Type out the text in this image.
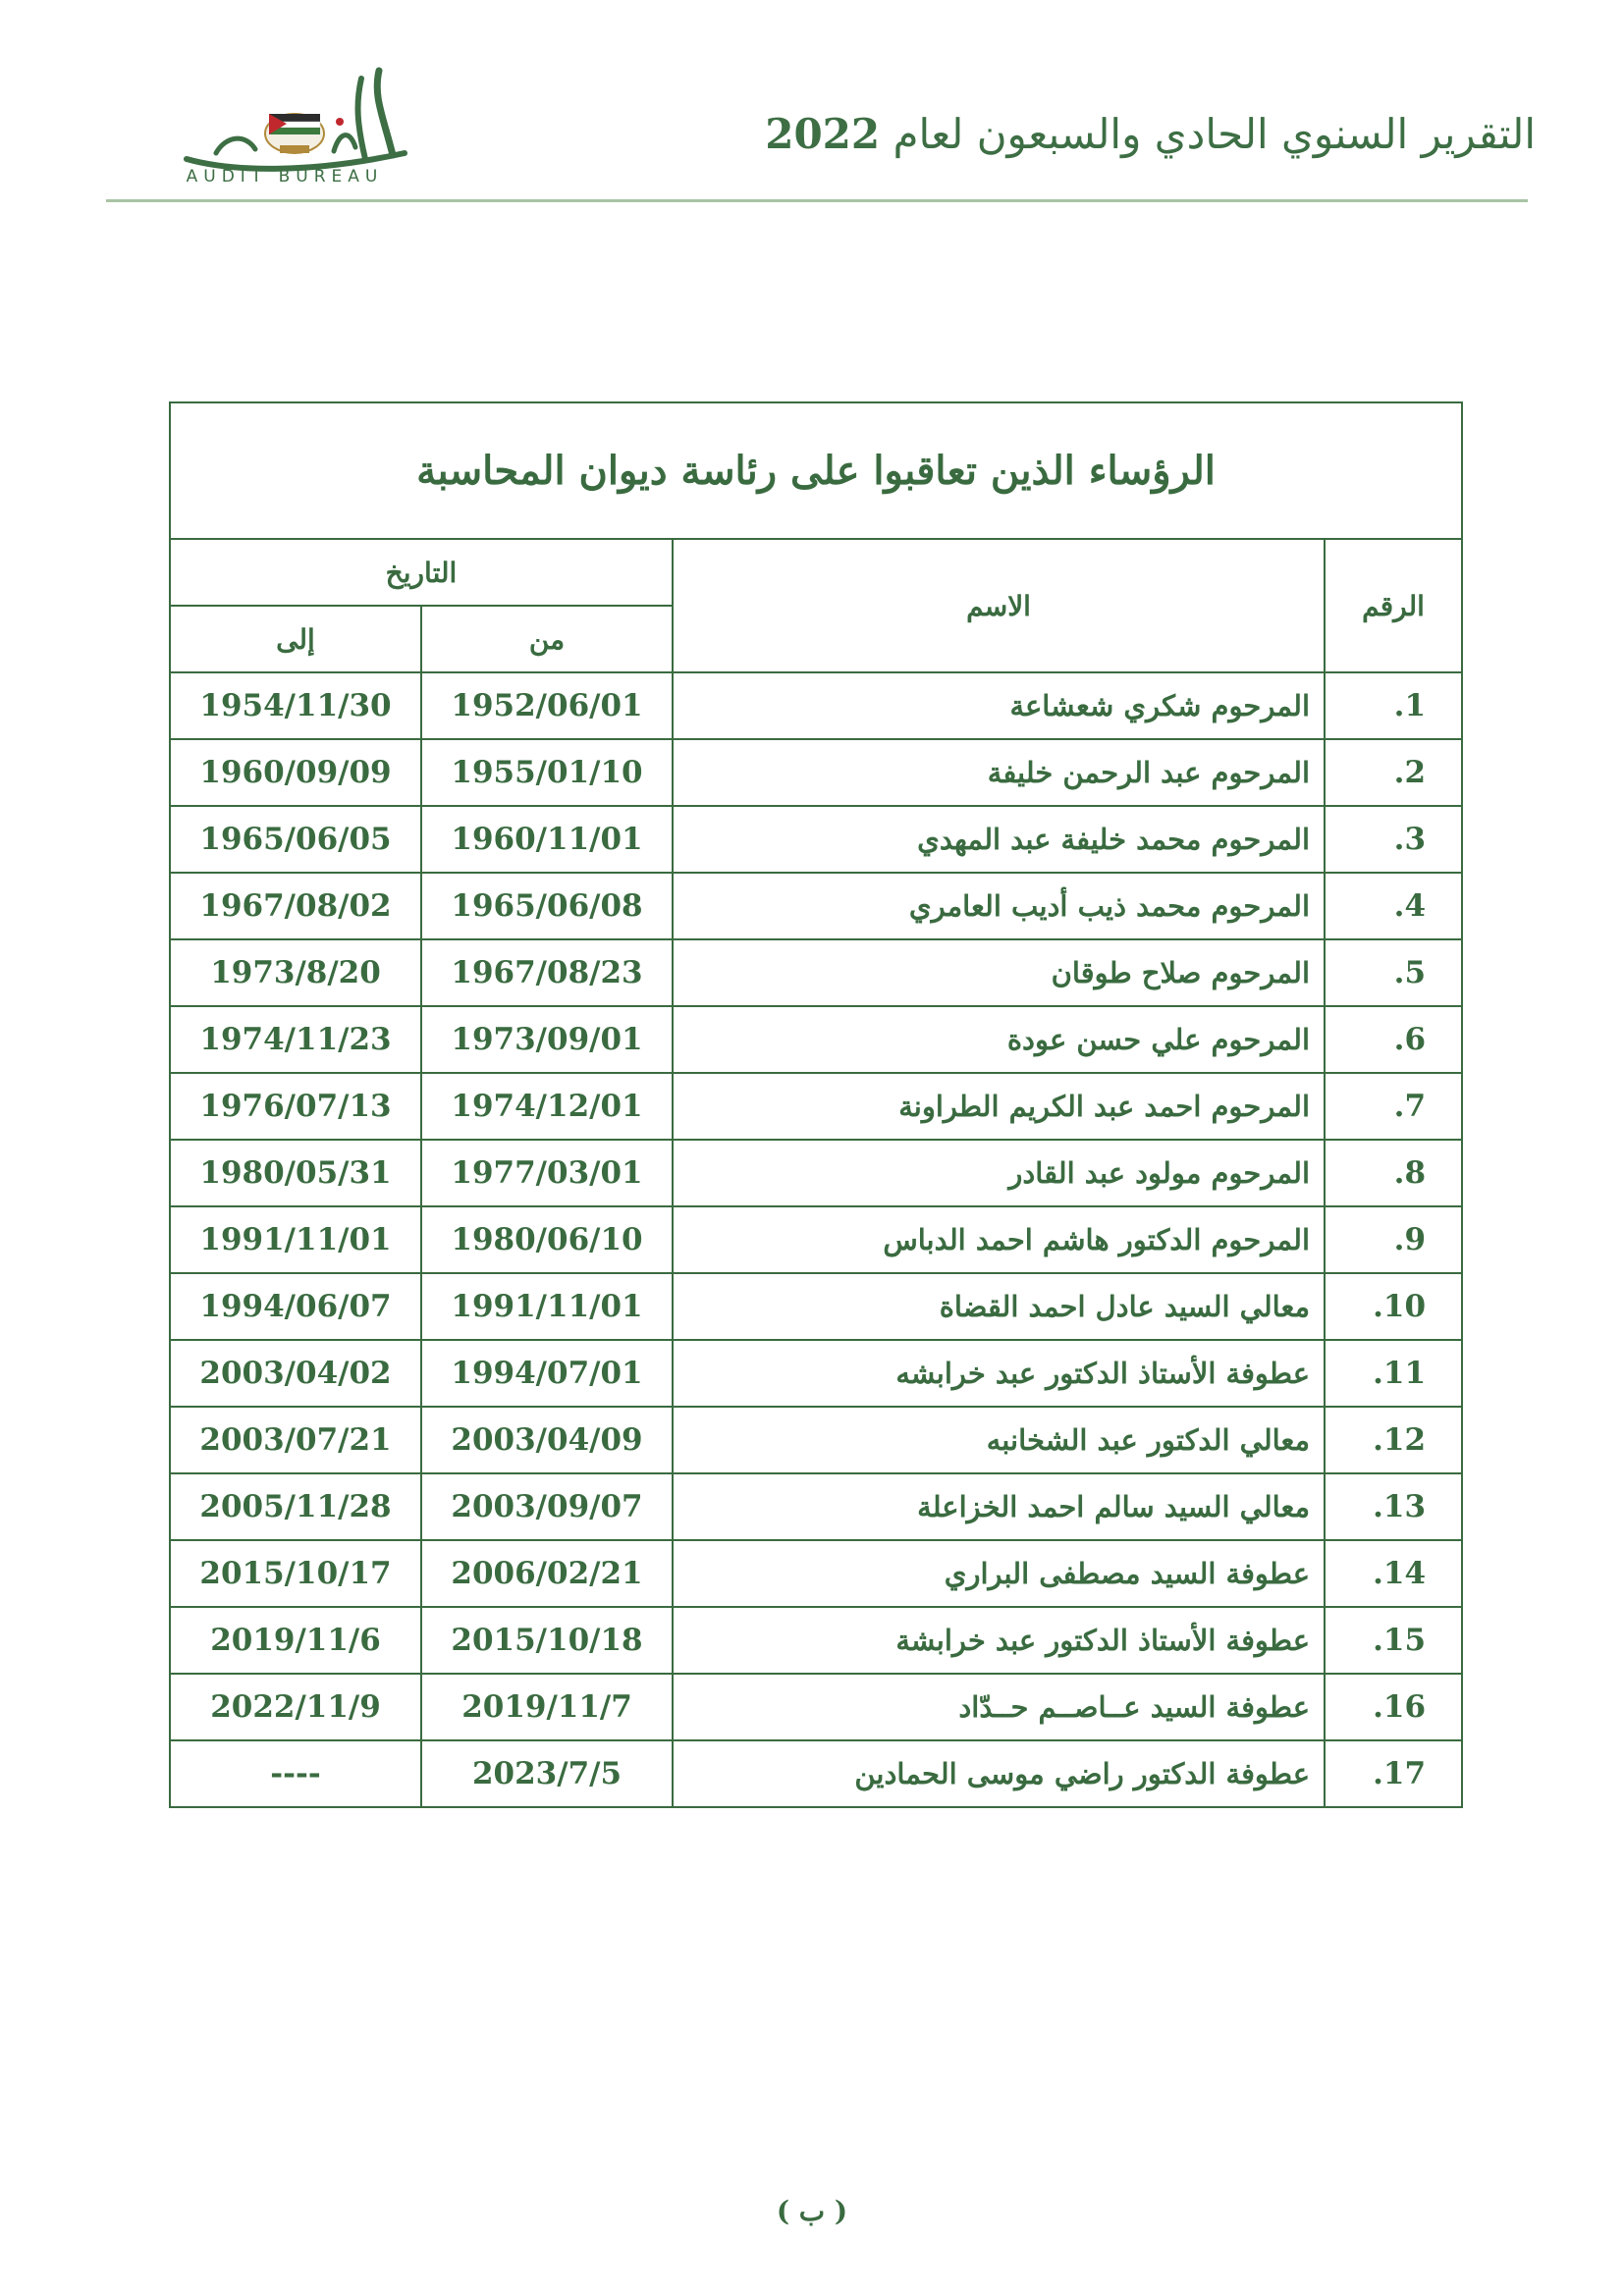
التقرير السنوي الحادي والسبعون لعام 2022
AUDIT BUREAU
الرؤساء الذين تعاقبوا على رئاسة ديوان المحاسبة			
الرقم	الاسم	التاريخ	
		من	إلى
1.	المرحوم شكري شعشاعة	1952/06/01	1954/11/30
2.	المرحوم عبد الرحمن خليفة	1955/01/10	1960/09/09
3.	المرحوم محمد خليفة عبد المهدي	1960/11/01	1965/06/05
4.	المرحوم محمد ذيب أديب العامري	1965/06/08	1967/08/02
5.	المرحوم صلاح طوقان	1967/08/23	1973/8/20
6.	المرحوم علي حسن عودة	1973/09/01	1974/11/23
7.	المرحوم احمد عبد الكريم الطراونة	1974/12/01	1976/07/13
8.	المرحوم مولود عبد القادر	1977/03/01	1980/05/31
9.	المرحوم الدكتور هاشم احمد الدباس	1980/06/10	1991/11/01
10.	معالي السيد عادل احمد القضاة	1991/11/01	1994/06/07
11.	عطوفة الأستاذ الدكتور عبد خرابشه	1994/07/01	2003/04/02
12.	معالي الدكتور عبد الشخانبه	2003/04/09	2003/07/21
13.	معالي السيد سالم احمد الخزاعلة	2003/09/07	2005/11/28
14.	عطوفة السيد مصطفى البراري	2006/02/21	2015/10/17
15.	عطوفة الأستاذ الدكتور عبد خرابشة	2015/10/18	2019/11/6
16.	عطوفة السيد عــاصــم حــدّاد	2019/11/7	2022/11/9
17.	عطوفة الدكتور راضي موسى الحمادين	2023/7/5	----
( ب )
